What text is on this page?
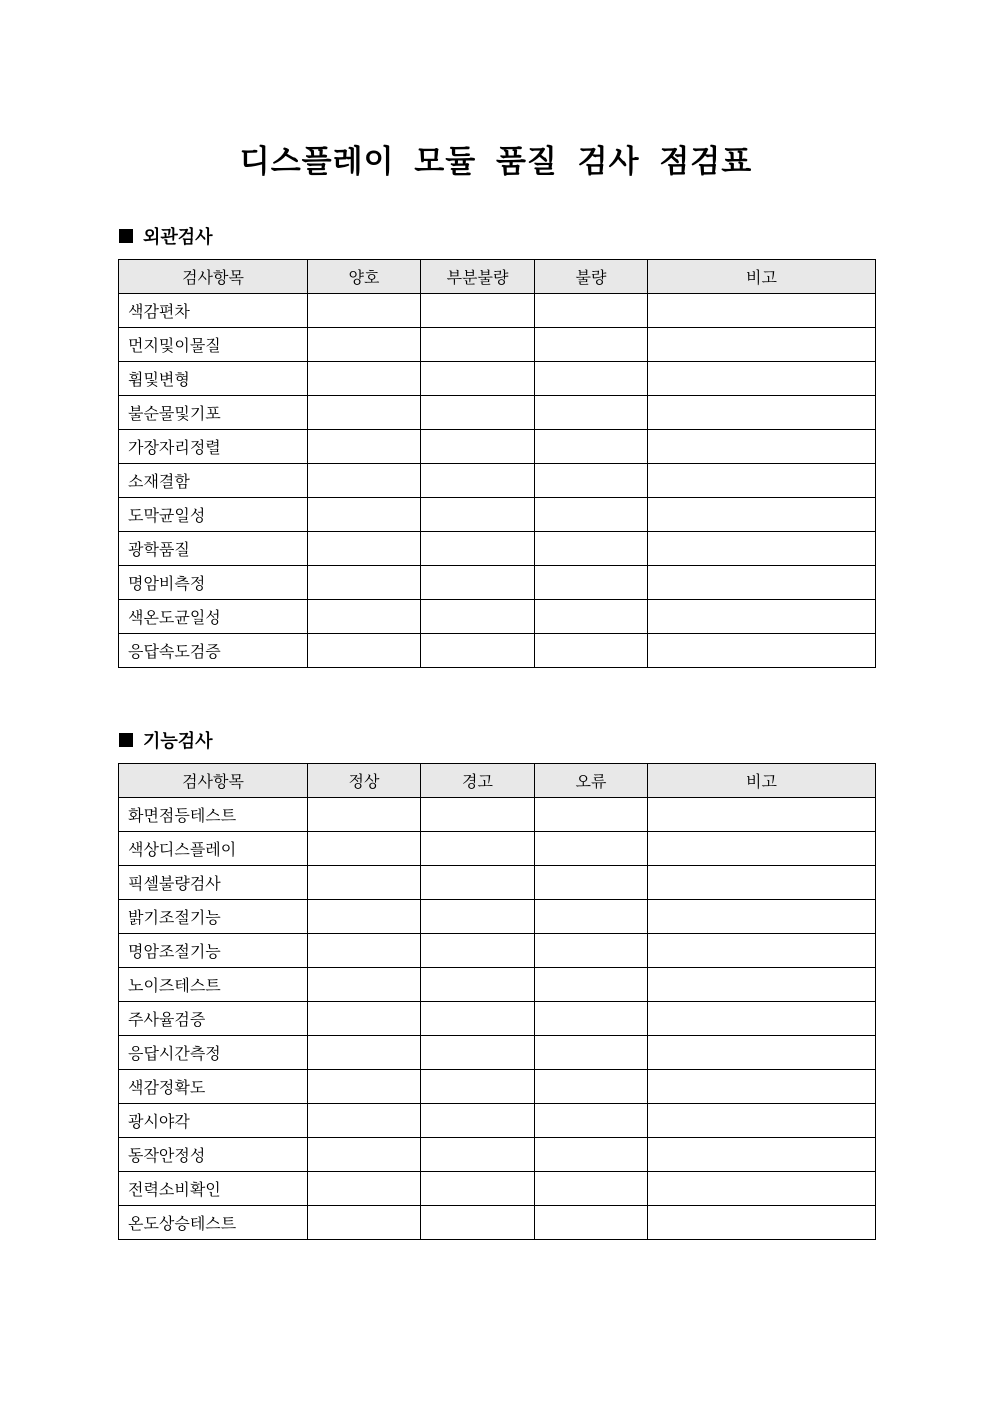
디스플레이 모듈 품질 검사 점검표
외관검사
검사항목	양호	부분불량	불량	비고
색감편차				
먼지및이물질				
휨및변형				
불순물및기포				
가장자리정렬				
소재결함				
도막균일성				
광학품질				
명암비측정				
색온도균일성				
응답속도검증				
기능검사
검사항목	정상	경고	오류	비고
화면점등테스트				
색상디스플레이				
픽셀불량검사				
밝기조절기능				
명암조절기능				
노이즈테스트				
주사율검증				
응답시간측정				
색감정확도				
광시야각				
동작안정성				
전력소비확인				
온도상승테스트				
